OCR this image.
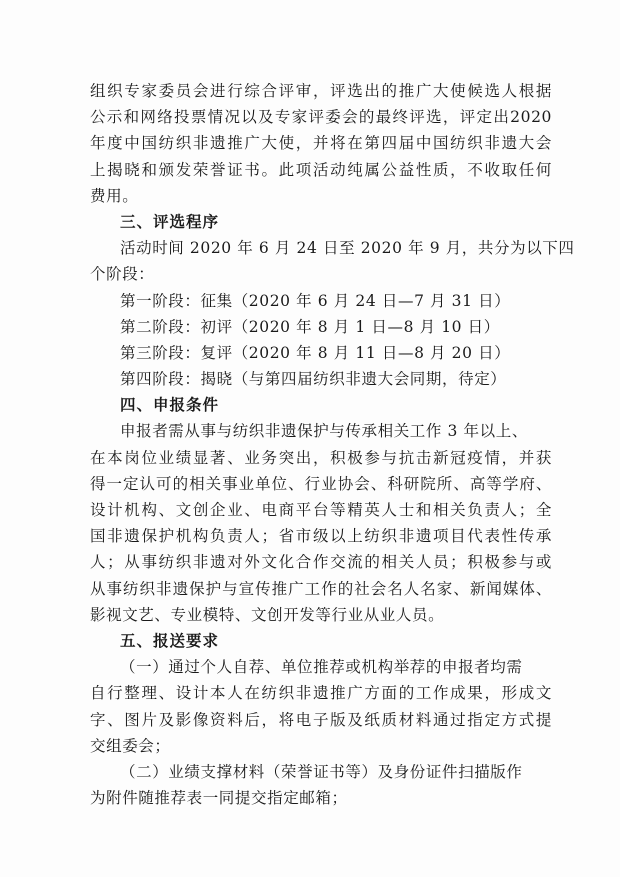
组织专家委员会进行综合评审，评选出的推广大使候选人根据
公示和网络投票情况以及专家评委会的最终评选，评定出2020
年度中国纺织非遗推广大使，并将在第四届中国纺织非遗大会
上揭晓和颁发荣誉证书。此项活动纯属公益性质，不收取任何
费用。
三、评选程序
活动时间 2020 年 6 月 24 日至 2020 年 9 月，共分为以下四
个阶段：
第一阶段：征集（2020 年 6 月 24 日—7 月 31 日）
第二阶段：初评（2020 年 8 月 1 日—8 月 10 日）
第三阶段：复评（2020 年 8 月 11 日—8 月 20 日）
第四阶段：揭晓（与第四届纺织非遗大会同期，待定）
四、申报条件
申报者需从事与纺织非遗保护与传承相关工作 3 年以上、
在本岗位业绩显著、业务突出，积极参与抗击新冠疫情，并获
得一定认可的相关事业单位、行业协会、科研院所、高等学府、
设计机构、文创企业、电商平台等精英人士和相关负责人；全
国非遗保护机构负责人；省市级以上纺织非遗项目代表性传承
人；从事纺织非遗对外文化合作交流的相关人员；积极参与或
从事纺织非遗保护与宣传推广工作的社会名人名家、新闻媒体、
影视文艺、专业模特、文创开发等行业从业人员。
五、报送要求
（一）通过个人自荐、单位推荐或机构举荐的申报者均需
自行整理、设计本人在纺织非遗推广方面的工作成果，形成文
字、图片及影像资料后，将电子版及纸质材料通过指定方式提
交组委会；
（二）业绩支撑材料（荣誉证书等）及身份证件扫描版作
为附件随推荐表一同提交指定邮箱；
